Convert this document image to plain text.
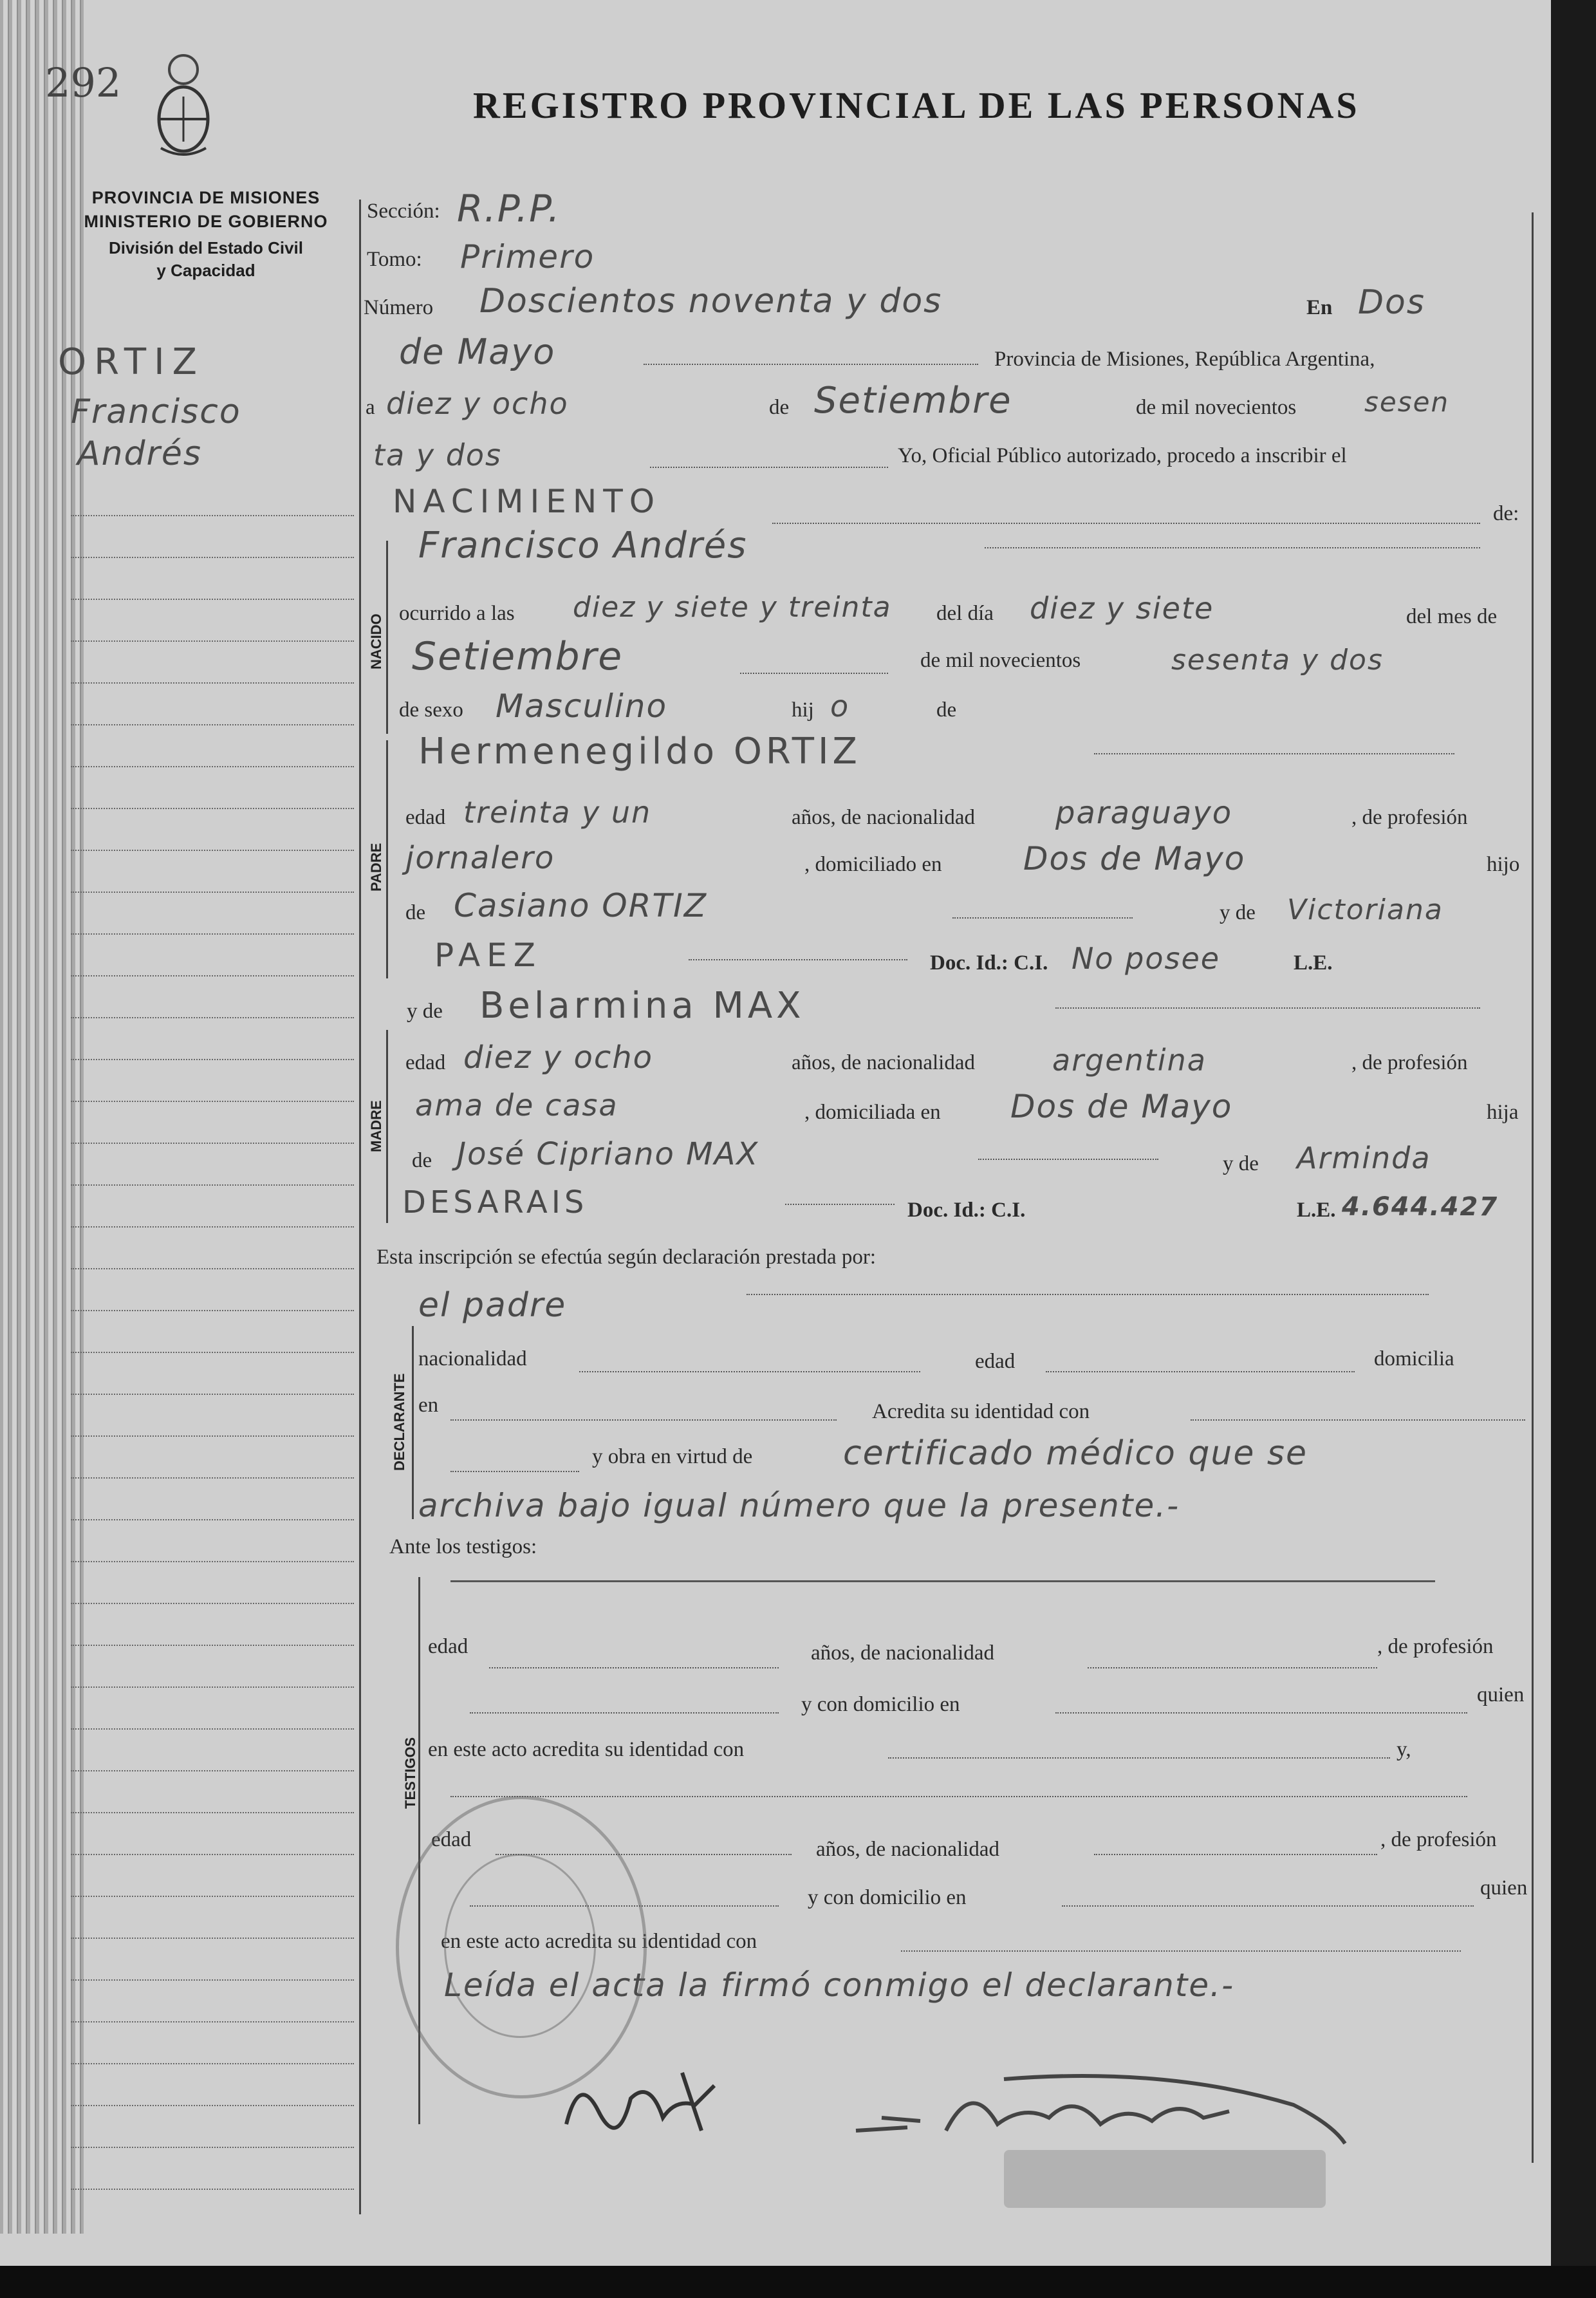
292	REGISTRO PROVINCIAL DE LAS PERSONAS
PROVINCIA DE MISIONES
MINISTERIO DE GOBIERNO
División del Estado Civil
y Capacidad
ORTIZ
Francisco
Andrés
Sección: R.P.P.
Tomo: Primero
Número Doscientos noventa y dos	En Dos
de Mayo	Provincia de Misiones, República Argentina,
a diez y ocho	de Setiembre	de mil novecientos	sesen
ta y dos	Yo, Oficial Público autorizado, procedo a inscribir el
NACIMIENTO	de:
NACIDO
Francisco Andrés
ocurrido a las diez y siete y treinta del día diez y siete	del mes de
Setiembre	de mil novecientos	sesenta y dos
de sexo Masculino	hij o	de
PADRE
Hermenegildo ORTIZ
edad treinta y un	años, de nacionalidad	paraguayo	, de profesión
jornalero	, domiciliado en	Dos de Mayo	hijo
de Casiano ORTIZ	y de Victoriana
PAEZ	Doc. Id.: C.I. No posee	L.E.
y de Belarmina MAX
MADRE
edad diez y ocho	años, de nacionalidad	argentina	, de profesión
ama de casa	, domiciliada en Dos de Mayo	hija
de José Cipriano MAX	y de Arminda
DESARAIS	Doc. Id.: C.I.	L.E. 4.644.427
Esta inscripción se efectúa según declaración prestada por:
el padre
DECLARANTE
nacionalidad	edad	domicilia
en	Acredita su identidad con
y obra en virtud de	certificado médico que se
archiva bajo igual número que la presente.-
Ante los testigos:
TESTIGOS
edad	años, de nacionalidad	, de profesión
y con domicilio en	quien
en este acto acredita su identidad con	y,
edad	años, de nacionalidad	, de profesión
y con domicilio en	quien
en este acto acredita su identidad con
Leída el acta la firmó conmigo el declarante.-
